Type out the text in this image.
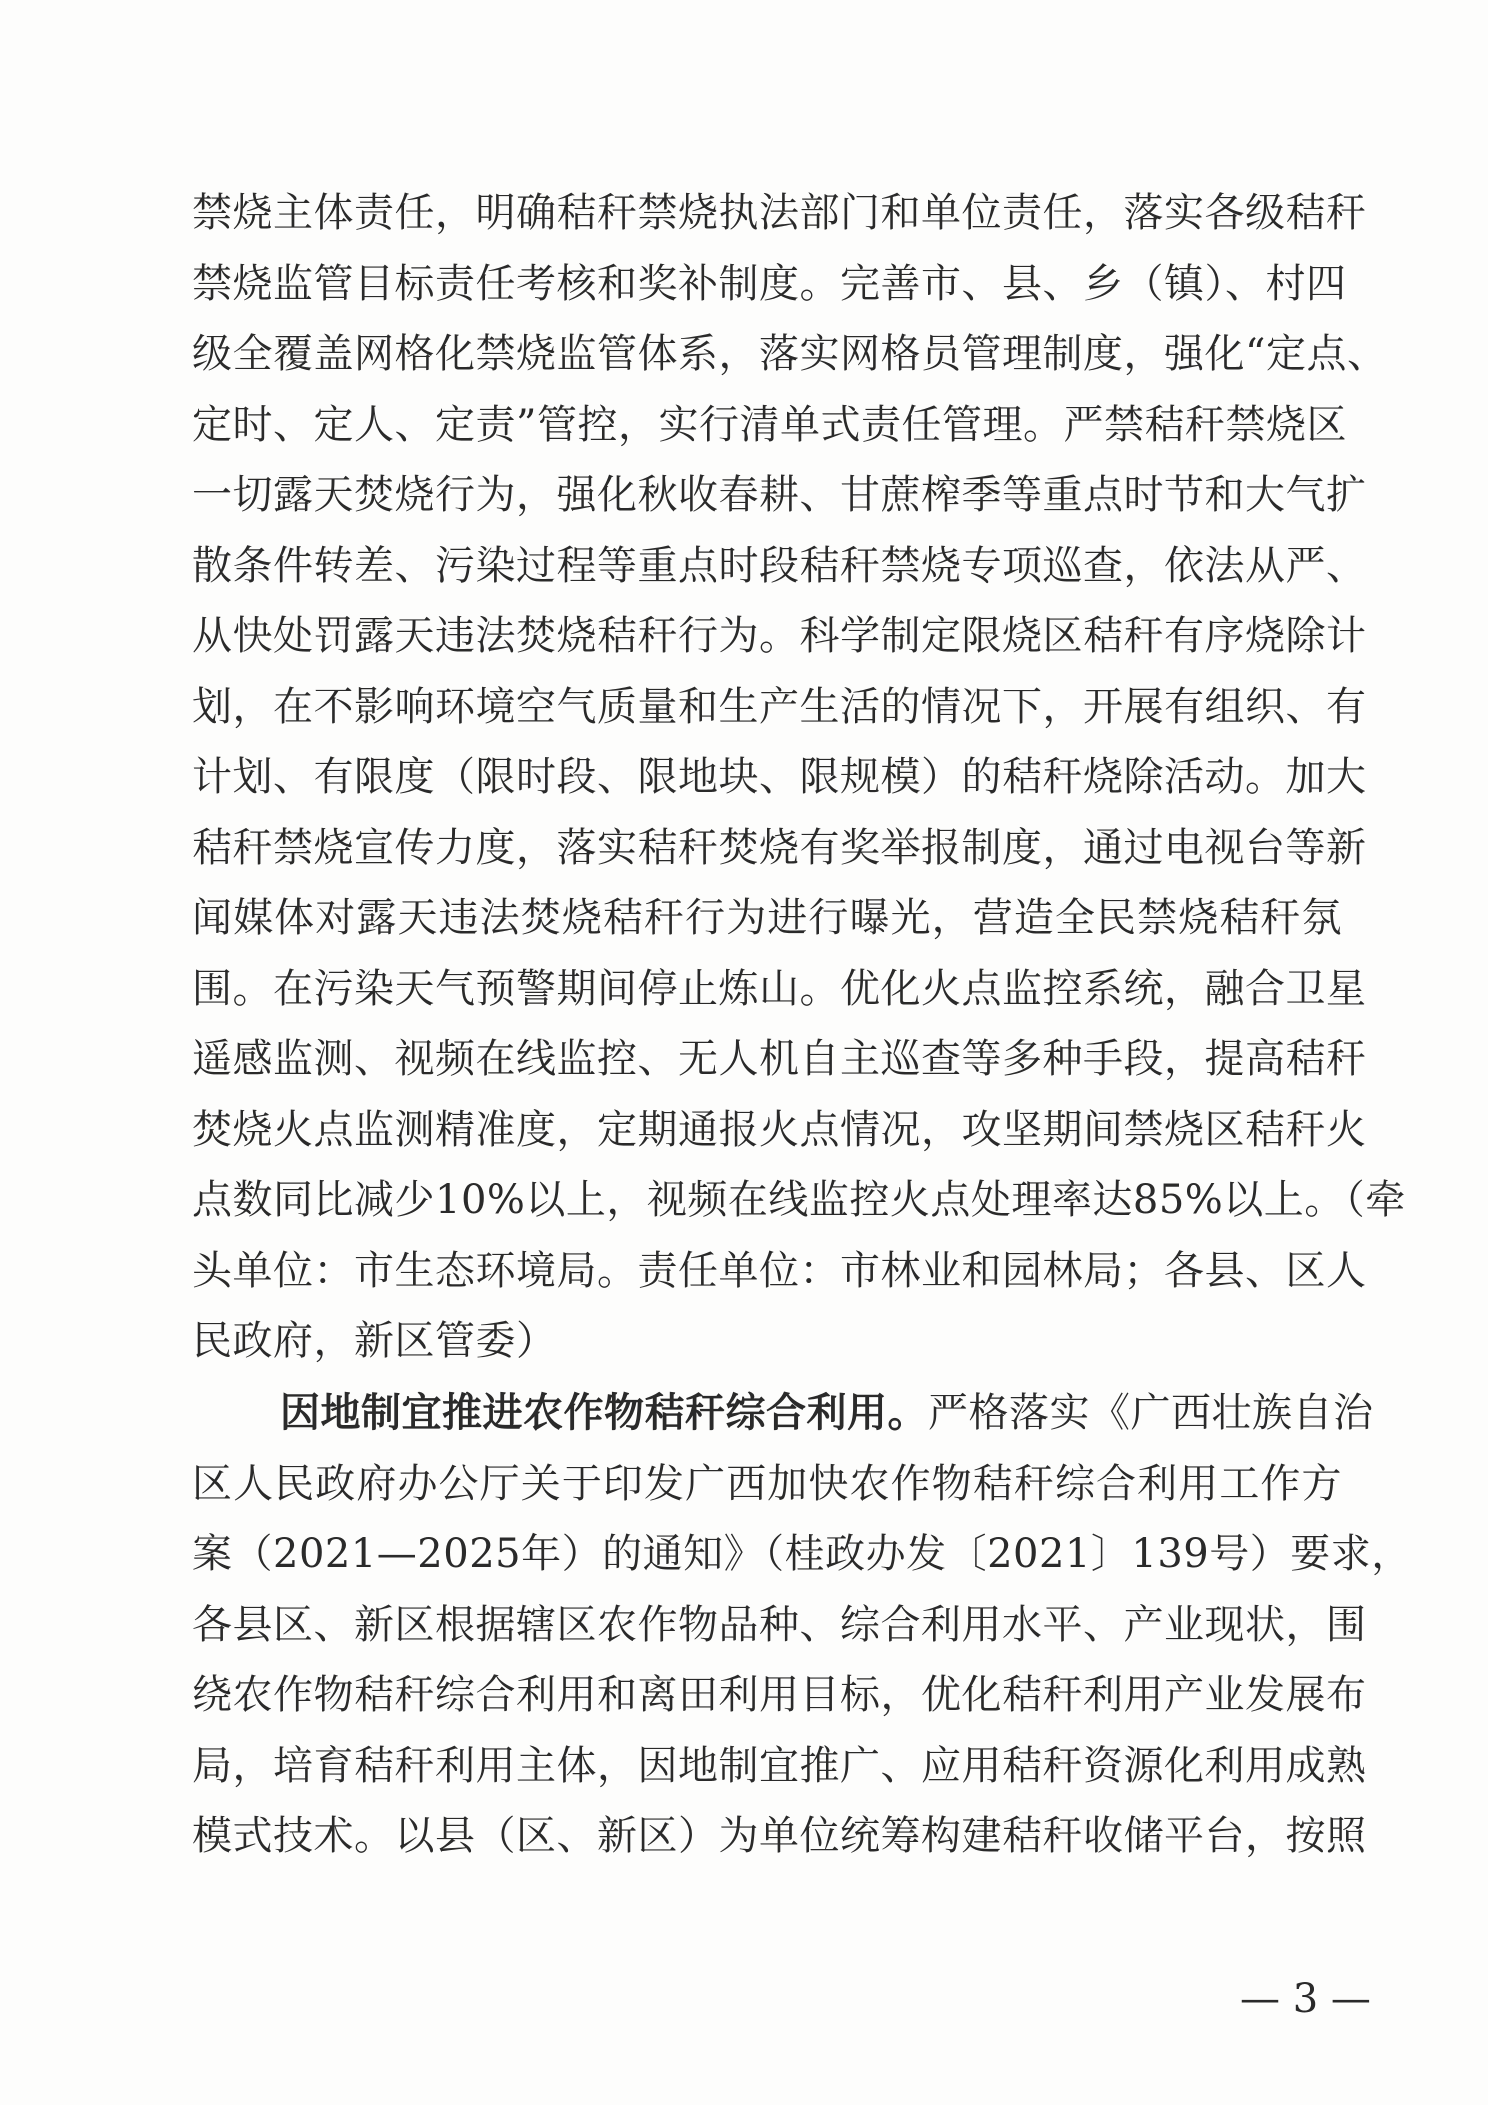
禁烧主体责任，明确秸秆禁烧执法部门和单位责任，落实各级秸秆
禁烧监管目标责任考核和奖补制度。完善市、县、乡（镇）、村四
级全覆盖网格化禁烧监管体系，落实网格员管理制度，强化“定点、
定时、定人、定责”管控，实行清单式责任管理。严禁秸秆禁烧区
一切露天焚烧行为，强化秋收春耕、甘蔗榨季等重点时节和大气扩
散条件转差、污染过程等重点时段秸秆禁烧专项巡查，依法从严、
从快处罚露天违法焚烧秸秆行为。科学制定限烧区秸秆有序烧除计
划，在不影响环境空气质量和生产生活的情况下，开展有组织、有
计划、有限度（限时段、限地块、限规模）的秸秆烧除活动。加大
秸秆禁烧宣传力度，落实秸秆焚烧有奖举报制度，通过电视台等新
闻媒体对露天违法焚烧秸秆行为进行曝光，营造全民禁烧秸秆氛
围。在污染天气预警期间停止炼山。优化火点监控系统，融合卫星
遥感监测、视频在线监控、无人机自主巡查等多种手段，提高秸秆
焚烧火点监测精准度，定期通报火点情况，攻坚期间禁烧区秸秆火
点数同比减少10%以上，视频在线监控火点处理率达85%以上。（牵
头单位：市生态环境局。责任单位：市林业和园林局；各县、区人
民政府，新区管委）
因地制宜推进农作物秸秆综合利用。严格落实《广西壮族自治
区人民政府办公厅关于印发广西加快农作物秸秆综合利用工作方
案（2021—2025年）的通知》（桂政办发〔2021〕139号）要求，
各县区、新区根据辖区农作物品种、综合利用水平、产业现状，围
绕农作物秸秆综合利用和离田利用目标，优化秸秆利用产业发展布
局，培育秸秆利用主体，因地制宜推广、应用秸秆资源化利用成熟
模式技术。以县（区、新区）为单位统筹构建秸秆收储平台，按照
— 3 —
